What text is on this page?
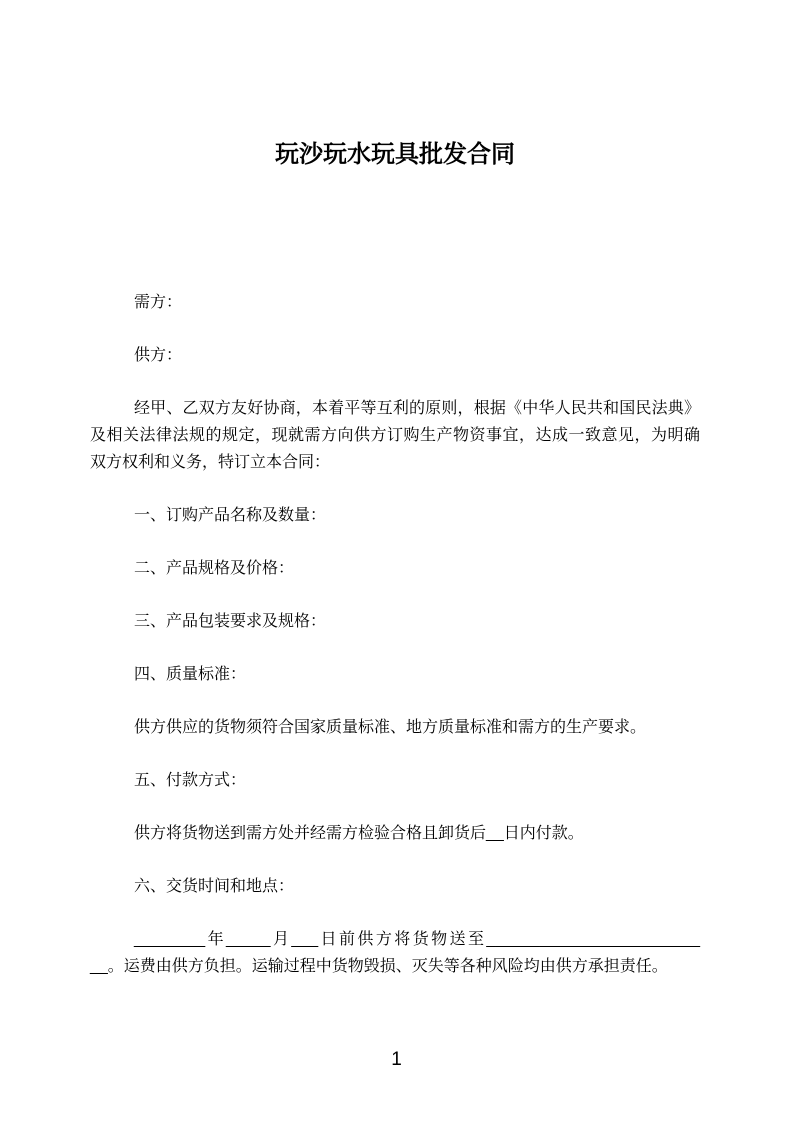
玩沙玩水玩具批发合同

需方：

供方：

经甲、乙双方友好协商，本着平等互利的原则，根据《中华人民共和国民法典》
及相关法律法规的规定，现就需方向供方订购生产物资事宜，达成一致意见，为明确
双方权利和义务，特订立本合同：

一、订购产品名称及数量：

二、产品规格及价格：

三、产品包装要求及规格：

四、质量标准：

供方供应的货物须符合国家质量标准、地方质量标准和需方的生产要求。

五、付款方式：

供方将货物送到需方处并经需方检验合格且卸货后__日内付款。

六、交货时间和地点：

________年_____月___日前供方将货物送至________________________
__。运费由供方负担。运输过程中货物毁损、灭失等各种风险均由供方承担责任。
1
